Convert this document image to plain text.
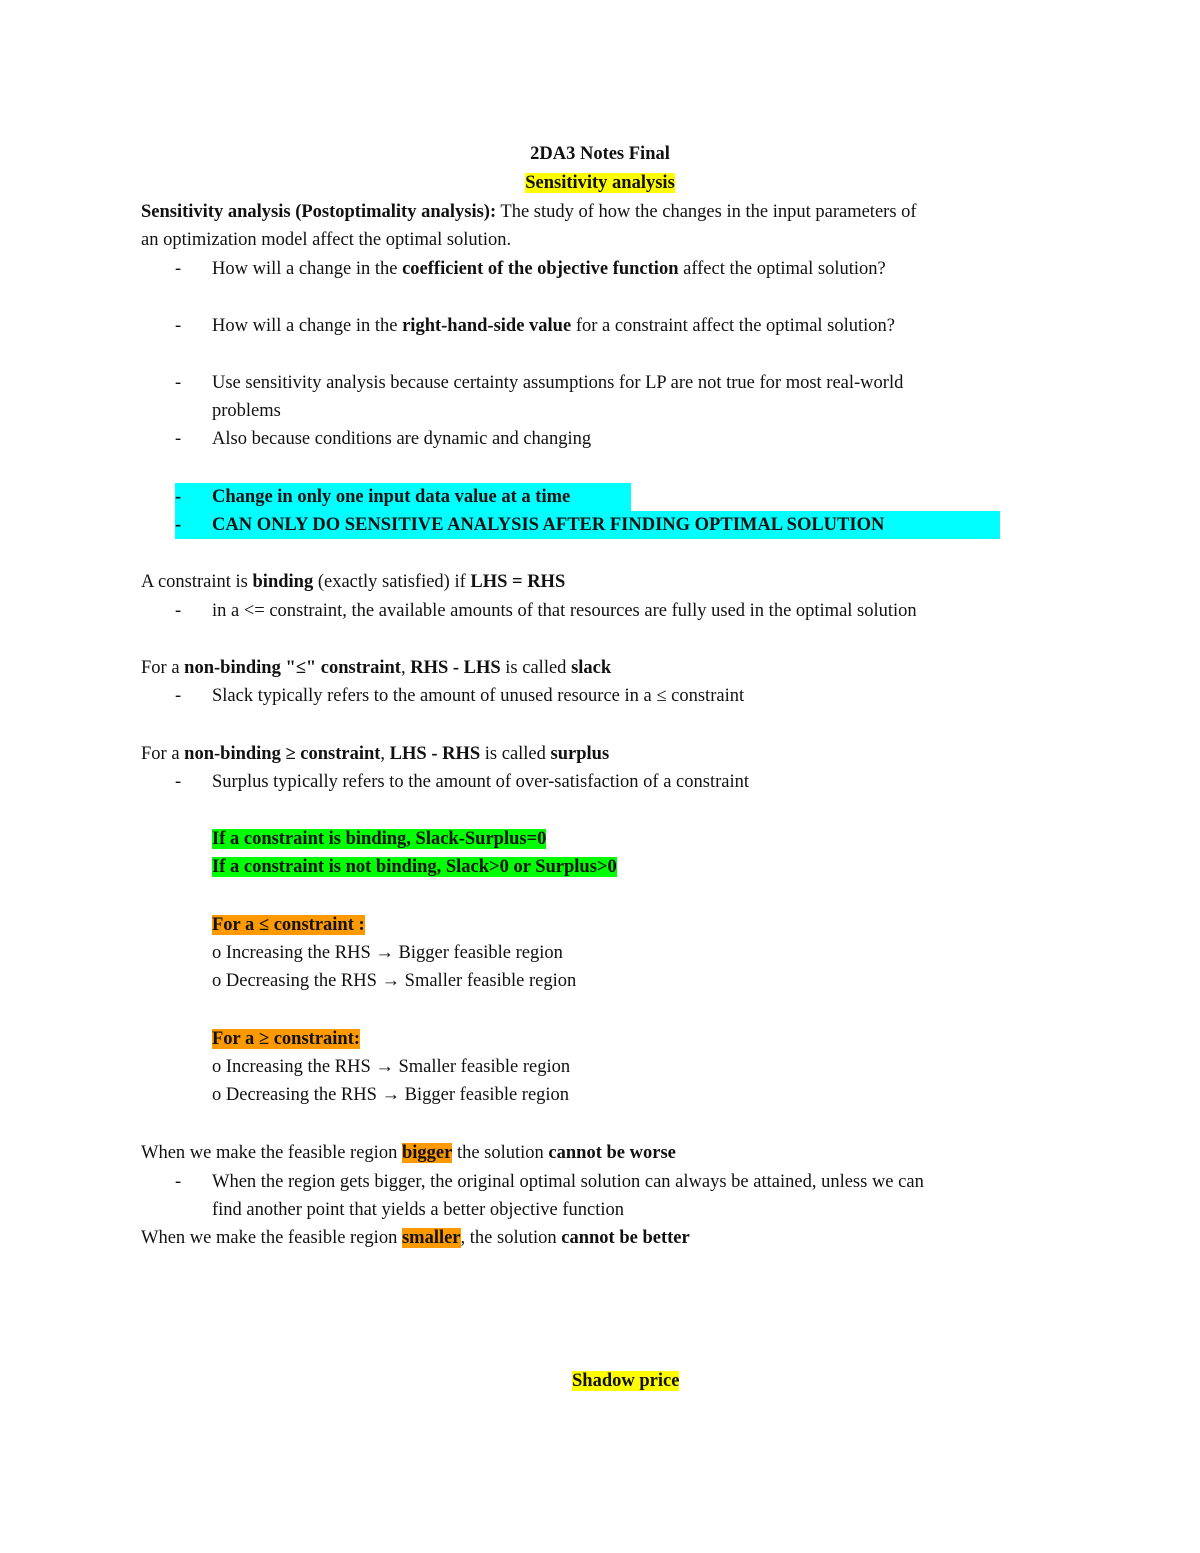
2DA3 Notes Final
Sensitivity analysis
Sensitivity analysis (Postoptimality analysis): The study of how the changes in the input parameters of
an optimization model affect the optimal solution.
- How will a change in the coefficient of the objective function affect the optimal solution?
- How will a change in the right-hand-side value for a constraint affect the optimal solution?
- Use sensitivity analysis because certainty assumptions for LP are not true for most real-world
problems
- Also because conditions are dynamic and changing
- Change in only one input data value at a time
- CAN ONLY DO SENSITIVE ANALYSIS AFTER FINDING OPTIMAL SOLUTION
A constraint is binding (exactly satisfied) if LHS = RHS
- in a <= constraint, the available amounts of that resources are fully used in the optimal solution
For a non-binding "≤" constraint, RHS - LHS is called slack
- Slack typically refers to the amount of unused resource in a ≤ constraint
For a non-binding ≥ constraint, LHS - RHS is called surplus
- Surplus typically refers to the amount of over-satisfaction of a constraint
If a constraint is binding, Slack-Surplus=0
If a constraint is not binding, Slack>0 or Surplus>0
For a ≤ constraint :
o Increasing the RHS → Bigger feasible region
o Decreasing the RHS → Smaller feasible region
For a ≥ constraint:
o Increasing the RHS → Smaller feasible region
o Decreasing the RHS → Bigger feasible region
When we make the feasible region bigger the solution cannot be worse
- When the region gets bigger, the original optimal solution can always be attained, unless we can
find another point that yields a better objective function
When we make the feasible region smaller, the solution cannot be better
Shadow price
